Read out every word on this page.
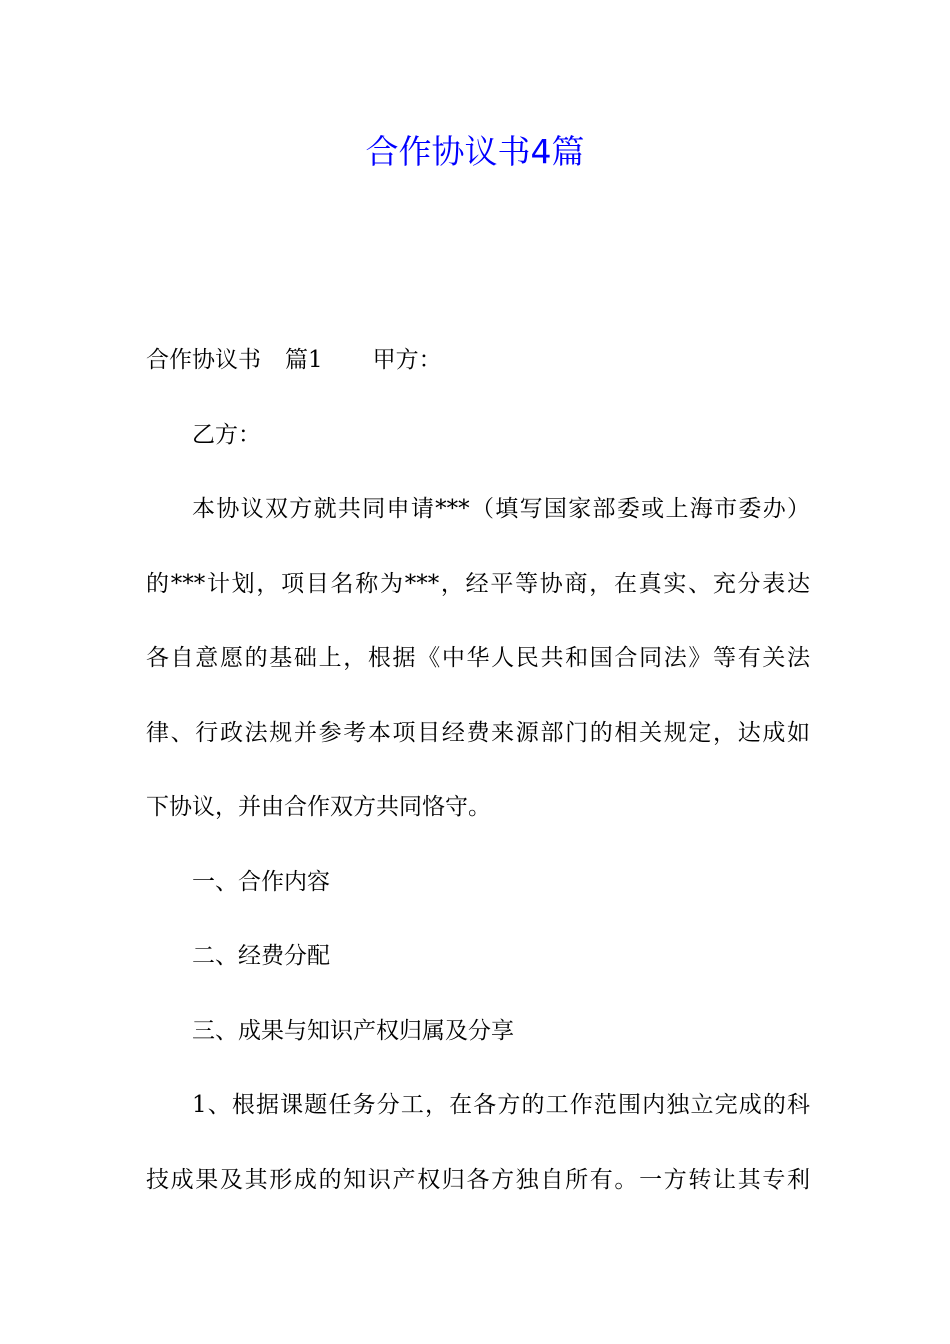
合作协议书4篇

合作协议书 篇1 甲方：

乙方：

本协议双方就共同申请***（填写国家部委或上海市委办）

的***计划，项目名称为***，经平等协商，在真实、充分表达

各自意愿的基础上，根据《中华人民共和国合同法》等有关法

律、行政法规并参考本项目经费来源部门的相关规定，达成如

下协议，并由合作双方共同恪守。

一、合作内容

二、经费分配

三、成果与知识产权归属及分享

1、根据课题任务分工，在各方的工作范围内独立完成的科

技成果及其形成的知识产权归各方独自所有。一方转让其专利
